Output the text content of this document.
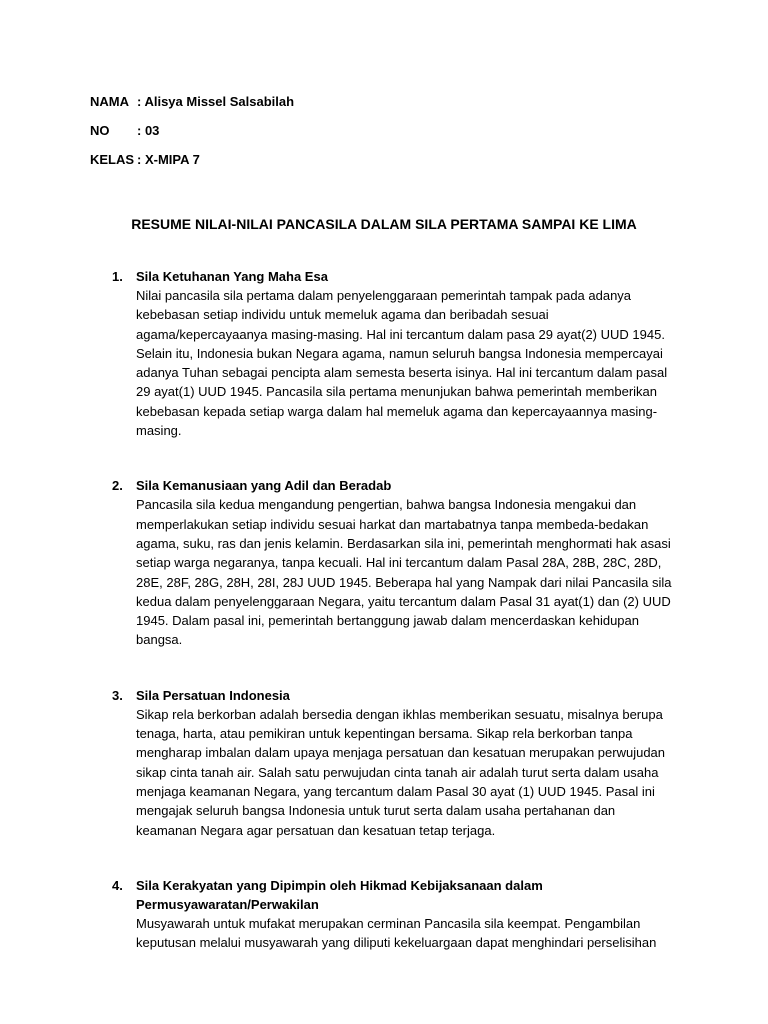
NAMA : Alisya Missel Salsabilah
NO	: 03
KELAS : X-MIPA 7
RESUME NILAI-NILAI PANCASILA DALAM SILA PERTAMA SAMPAI KE LIMA
1.	Sila Ketuhanan Yang Maha Esa
Nilai pancasila sila pertama dalam penyelenggaraan pemerintah tampak pada adanya kebebasan setiap individu untuk memeluk agama dan beribadah sesuai agama/kepercayaanya masing-masing. Hal ini tercantum dalam pasa 29 ayat(2) UUD 1945. Selain itu, Indonesia bukan Negara agama, namun seluruh bangsa Indonesia mempercayai adanya Tuhan sebagai pencipta alam semesta beserta isinya. Hal ini tercantum dalam pasal 29 ayat(1) UUD 1945. Pancasila sila pertama menunjukan bahwa pemerintah memberikan kebebasan kepada setiap warga dalam hal memeluk agama dan kepercayaannya masing-masing.
2.	Sila Kemanusiaan yang Adil dan Beradab
Pancasila sila kedua mengandung pengertian, bahwa bangsa Indonesia mengakui dan memperlakukan setiap individu sesuai harkat dan martabatnya tanpa membeda-bedakan agama, suku, ras dan jenis kelamin. Berdasarkan sila ini, pemerintah menghormati hak asasi setiap warga negaranya, tanpa kecuali. Hal ini tercantum dalam Pasal 28A, 28B, 28C, 28D, 28E, 28F, 28G, 28H, 28I, 28J UUD 1945. Beberapa hal yang Nampak dari nilai Pancasila sila kedua dalam penyelenggaraan Negara, yaitu tercantum dalam Pasal 31 ayat(1) dan (2) UUD 1945. Dalam pasal ini, pemerintah bertanggung jawab dalam mencerdaskan kehidupan bangsa.
3.	Sila Persatuan Indonesia
Sikap rela berkorban adalah bersedia dengan ikhlas memberikan sesuatu, misalnya berupa tenaga, harta, atau pemikiran untuk kepentingan bersama. Sikap rela berkorban tanpa mengharap imbalan dalam upaya menjaga persatuan dan kesatuan merupakan perwujudan sikap cinta tanah air. Salah satu perwujudan cinta tanah air adalah turut serta dalam usaha menjaga keamanan Negara, yang tercantum dalam Pasal 30 ayat (1) UUD 1945. Pasal ini mengajak seluruh bangsa Indonesia untuk turut serta dalam usaha pertahanan dan keamanan Negara agar persatuan dan kesatuan tetap terjaga.
4.	Sila Kerakyatan yang Dipimpin oleh Hikmad Kebijaksanaan dalam Permusyawaratan/Perwakilan
Musyawarah untuk mufakat merupakan cerminan Pancasila sila keempat. Pengambilan keputusan melalui musyawarah yang diliputi kekeluargaan dapat menghindari perselisihan
